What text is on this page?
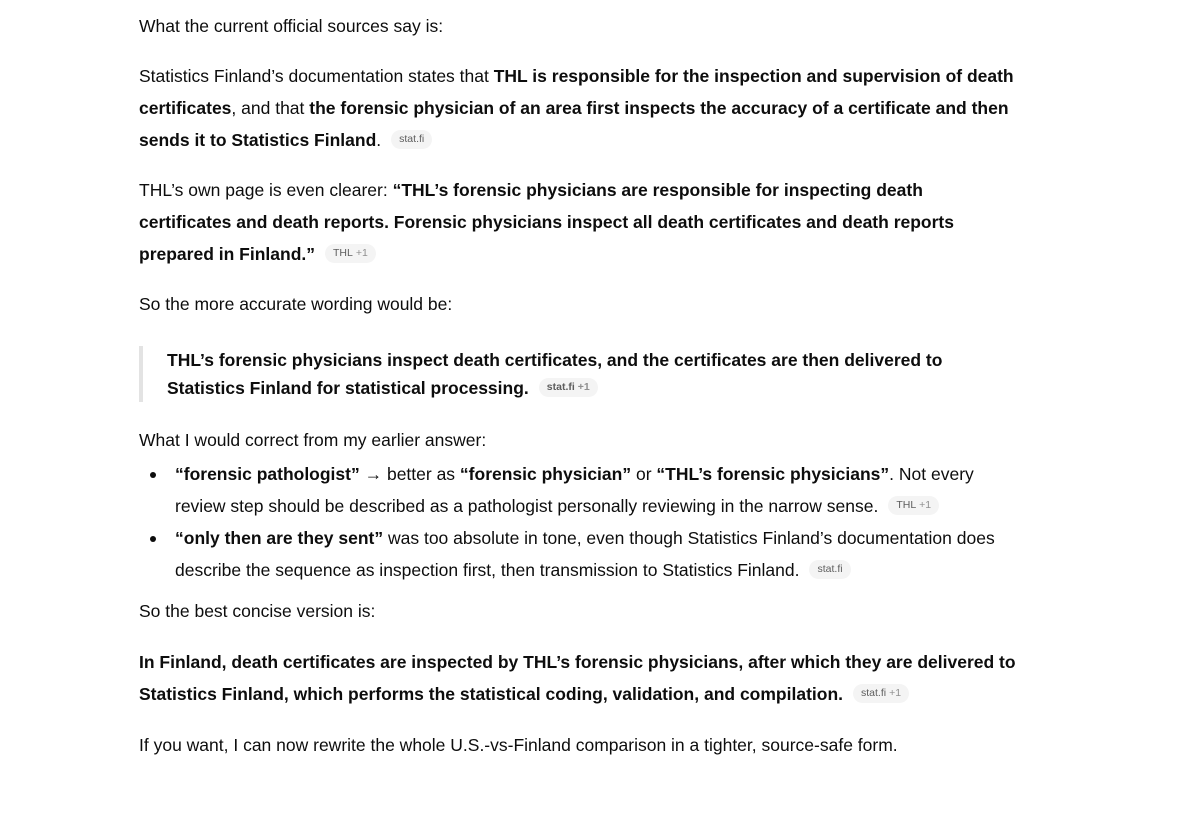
What the current official sources say is:

Statistics Finland’s documentation states that THL is responsible for the inspection and supervision of death certificates, and that the forensic physician of an area first inspects the accuracy of a certificate and then sends it to Statistics Finland. stat.fi

THL’s own page is even clearer: “THL’s forensic physicians are responsible for inspecting death certificates and death reports. Forensic physicians inspect all death certificates and death reports prepared in Finland.” THL +1

So the more accurate wording would be:

THL’s forensic physicians inspect death certificates, and the certificates are then delivered to Statistics Finland for statistical processing. stat.fi +1

What I would correct from my earlier answer:

“forensic pathologist” → better as “forensic physician” or “THL’s forensic physicians”. Not every review step should be described as a pathologist personally reviewing in the narrow sense. THL +1
“only then are they sent” was too absolute in tone, even though Statistics Finland’s documentation does describe the sequence as inspection first, then transmission to Statistics Finland. stat.fi

So the best concise version is:

In Finland, death certificates are inspected by THL’s forensic physicians, after which they are delivered to Statistics Finland, which performs the statistical coding, validation, and compilation. stat.fi +1

If you want, I can now rewrite the whole U.S.-vs-Finland comparison in a tighter, source-safe form.
